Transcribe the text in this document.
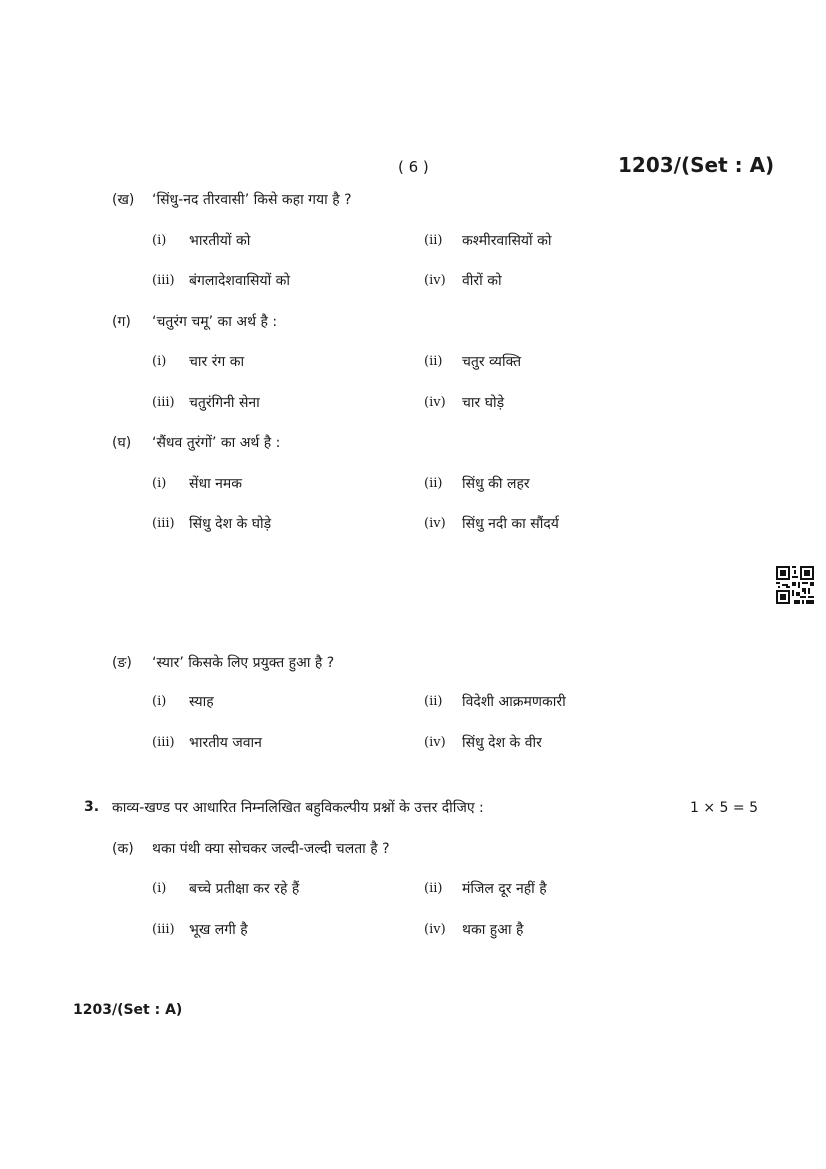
( 6 )	1203/(Set : A)
(ख) ‘सिंधु-नद तीरवासी’ किसे कहा गया है ?
(i) भारतीयों को	(ii) कश्मीरवासियों को
(iii) बंगलादेशवासियों को	(iv) वीरों को
(ग) ‘चतुरंग चमू’ का अर्थ है :
(i) चार रंग का	(ii) चतुर व्यक्ति
(iii) चतुरंगिनी सेना	(iv) चार घोड़े
(घ) ‘सैंधव तुरंगों’ का अर्थ है :
(i) सेंधा नमक	(ii) सिंधु की लहर
(iii) सिंधु देश के घोड़े	(iv) सिंधु नदी का सौंदर्य
(ङ) ‘स्यार’ किसके लिए प्रयुक्त हुआ है ?
(i) स्याह	(ii) विदेशी आक्रमणकारी
(iii) भारतीय जवान	(iv) सिंधु देश के वीर
3. काव्य-खण्ड पर आधारित निम्नलिखित बहुविकल्पीय प्रश्नों के उत्तर दीजिए :	1 × 5 = 5
(क) थका पंथी क्या सोचकर जल्दी-जल्दी चलता है ?
(i) बच्चे प्रतीक्षा कर रहे हैं	(ii) मंजिल दूर नहीं है
(iii) भूख लगी है	(iv) थका हुआ है
1203/(Set : A)
